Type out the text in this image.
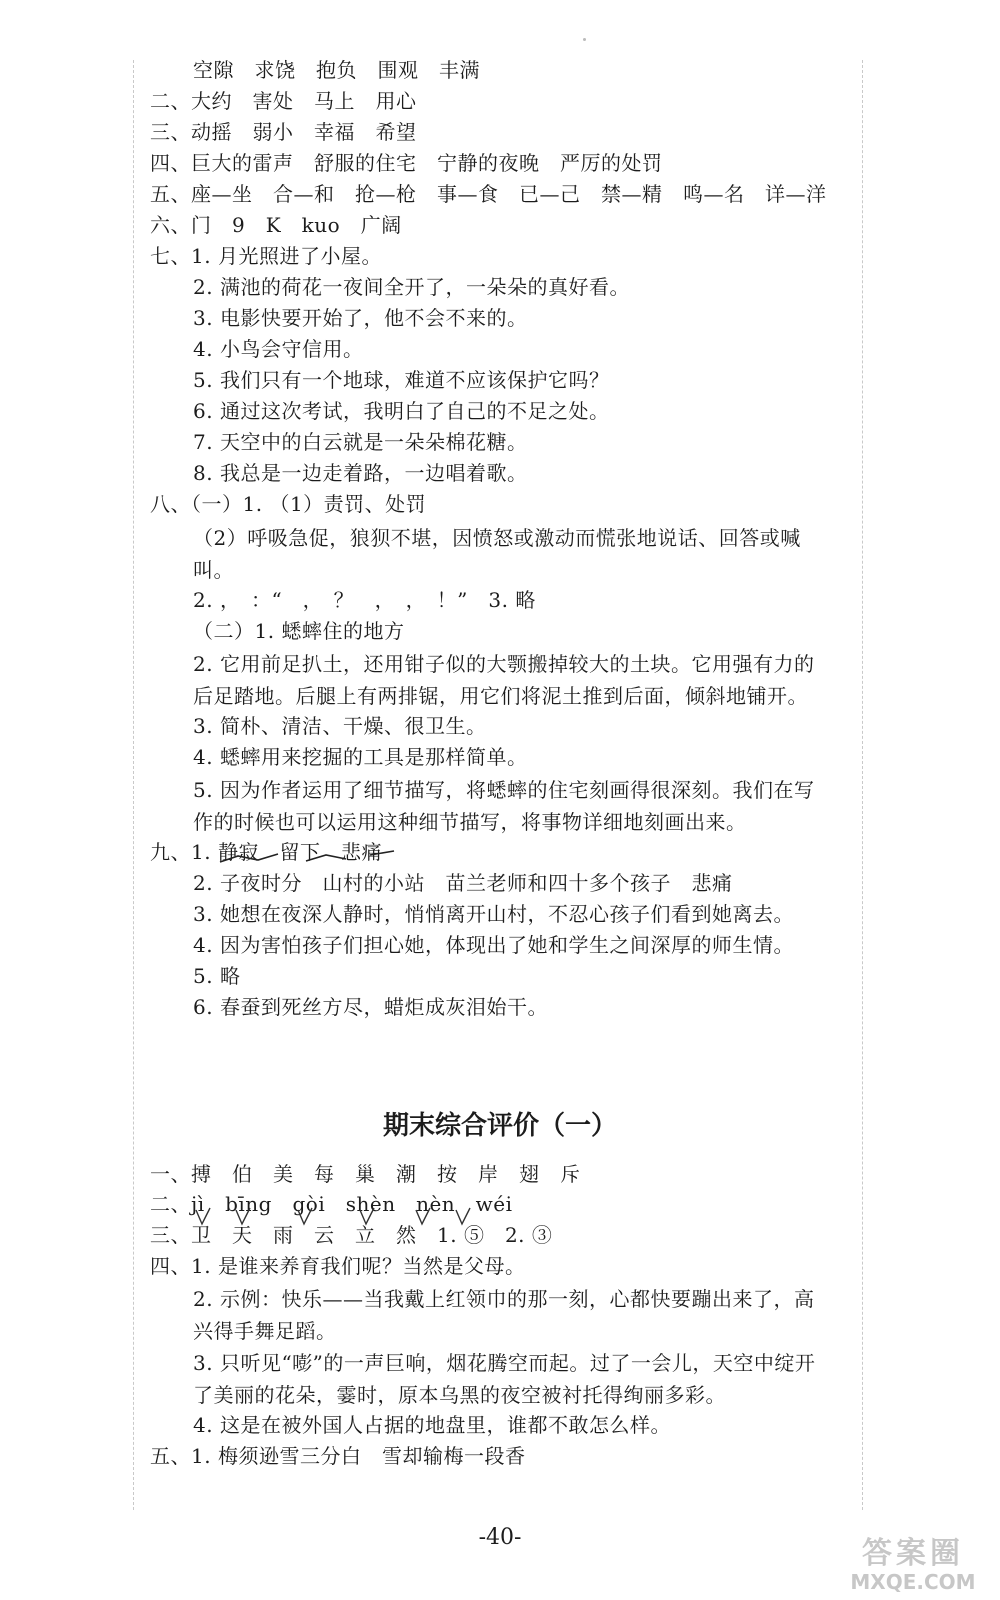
空隙　求饶　抱负　围观　丰满
二、大约　害处　马上　用心
三、动摇　弱小　幸福　希望
四、巨大的雷声　舒服的住宅　宁静的夜晚　严厉的处罚
五、座—坐　合—和　抢—枪　事—食　已—己　禁—精　鸣—名　详—洋
六、门　9　K　kuo　广阔
七、1. 月光照进了小屋。
2. 满池的荷花一夜间全开了，一朵朵的真好看。
3. 电影快要开始了，他不会不来的。
4. 小鸟会守信用。
5. 我们只有一个地球，难道不应该保护它吗？
6. 通过这次考试，我明白了自己的不足之处。
7. 天空中的白云就是一朵朵棉花糖。
8. 我总是一边走着路，一边唱着歌。
八、（一）1. （1）责罚、处罚
（2）呼吸急促，狼狈不堪，因愤怒或激动而慌张地说话、回答或喊叫。
2. ，　：“　，　？　，　，　！”　3. 略
（二）1. 蟋蟀住的地方
2. 它用前足扒土，还用钳子似的大颚搬掉较大的土块。它用强有力的后足踏地。后腿上有两排锯，用它们将泥土推到后面，倾斜地铺开。
3. 简朴、清洁、干燥、很卫生。
4. 蟋蟀用来挖掘的工具是那样简单。
5. 因为作者运用了细节描写，将蟋蟀的住宅刻画得很深刻。我们在写作的时候也可以运用这种细节描写，将事物详细地刻画出来。
九、1. 静寂　留下　悲痛
2. 子夜时分　山村的小站　苗兰老师和四十多个孩子　悲痛
3. 她想在夜深人静时，悄悄离开山村，不忍心孩子们看到她离去。
4. 因为害怕孩子们担心她，体现出了她和学生之间深厚的师生情。
5. 略
6. 春蚕到死丝方尽，蜡炬成灰泪始干。
期末综合评价（一）
一、搏　伯　美　每　巢　潮　按　岸　翅　斥
二、jì　bīng　gòi　shèn　nèn　wéi
三、卫　天　雨　云　立　然　1. ⑤　2. ③
四、1. 是谁来养育我们呢？当然是父母。
2. 示例：快乐——当我戴上红领巾的那一刻，心都快要蹦出来了，高兴得手舞足蹈。
3. 只听见“嘭”的一声巨响，烟花腾空而起。过了一会儿，天空中绽开了美丽的花朵，霎时，原本乌黑的夜空被衬托得绚丽多彩。
4. 这是在被外国人占据的地盘里，谁都不敢怎么样。
五、1. 梅须逊雪三分白　雪却输梅一段香
-40-	答案圈
MXQE.COM
